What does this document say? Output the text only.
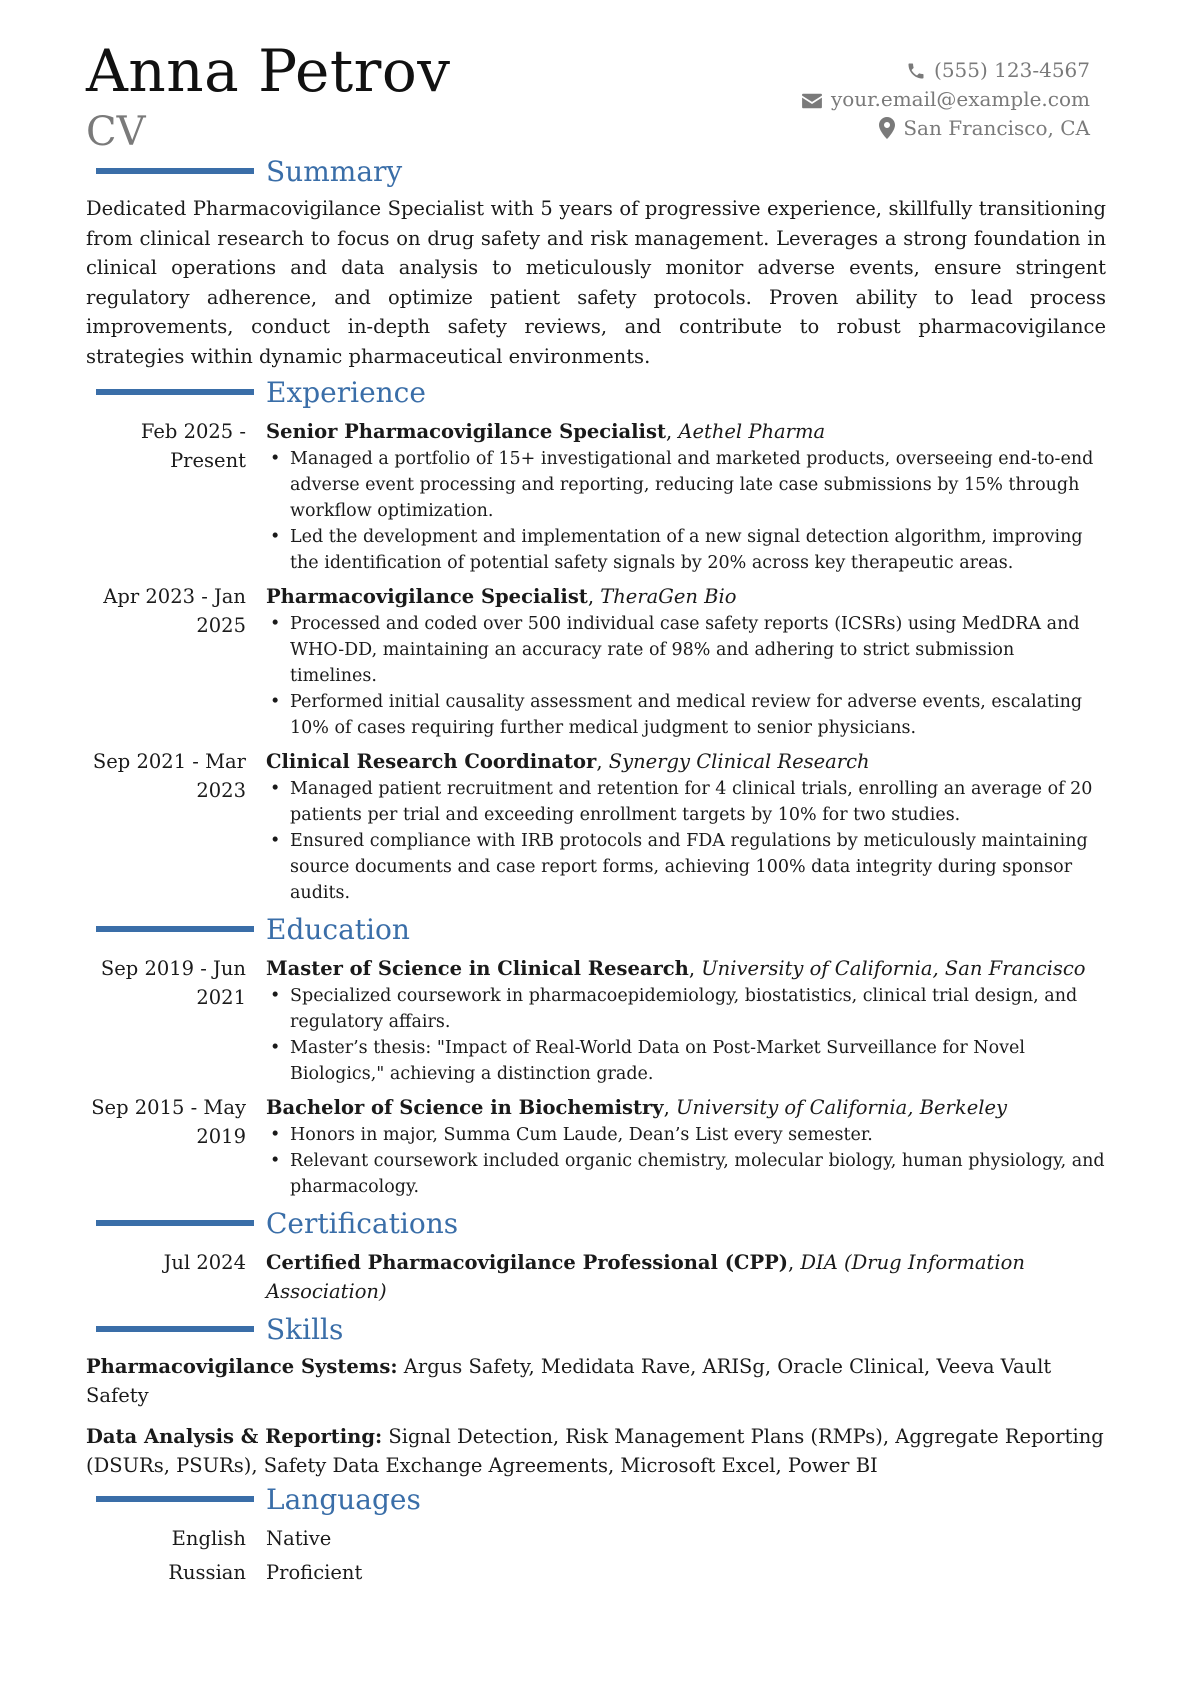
Anna Petrov
CV
(555) 123-4567
your.email@example.com
San Francisco, CA
Summary

Dedicated Pharmacovigilance Specialist with 5 years of progressive experience, skillfully transitioning from clinical research to focus on drug safety and risk management. Leverages a strong foundation in clinical operations and data analysis to meticulously monitor adverse events, ensure stringent regulatory adherence, and optimize patient safety protocols. Proven ability to lead process improvements, conduct in-depth safety reviews, and contribute to robust pharmacovigilance strategies within dynamic pharmaceutical environments.

Experience
Feb 2025 - Present
Senior Pharmacovigilance Specialist, Aethel Pharma
• Managed a portfolio of 15+ investigational and marketed products, overseeing end-to-end adverse event processing and reporting, reducing late case submissions by 15% through workflow optimization.
• Led the development and implementation of a new signal detection algorithm, improving the identification of potential safety signals by 20% across key therapeutic areas.
Apr 2023 - Jan 2025
Pharmacovigilance Specialist, TheraGen Bio
• Processed and coded over 500 individual case safety reports (ICSRs) using MedDRA and WHO-DD, maintaining an accuracy rate of 98% and adhering to strict submission timelines.
• Performed initial causality assessment and medical review for adverse events, escalating 10% of cases requiring further medical judgment to senior physicians.
Sep 2021 - Mar 2023
Clinical Research Coordinator, Synergy Clinical Research
• Managed patient recruitment and retention for 4 clinical trials, enrolling an average of 20 patients per trial and exceeding enrollment targets by 10% for two studies.
• Ensured compliance with IRB protocols and FDA regulations by meticulously maintaining source documents and case report forms, achieving 100% data integrity during sponsor audits.
Education
Sep 2019 - Jun 2021
Master of Science in Clinical Research, University of California, San Francisco
• Specialized coursework in pharmacoepidemiology, biostatistics, clinical trial design, and regulatory affairs.
• Master’s thesis: "Impact of Real-World Data on Post-Market Surveillance for Novel Biologics," achieving a distinction grade.
Sep 2015 - May 2019
Bachelor of Science in Biochemistry, University of California, Berkeley
• Honors in major, Summa Cum Laude, Dean’s List every semester.
• Relevant coursework included organic chemistry, molecular biology, human physiology, and pharmacology.
Certifications
Jul 2024	Certified Pharmacovigilance Professional (CPP), DIA (Drug Information Association)
Skills

Pharmacovigilance Systems: Argus Safety, Medidata Rave, ARISg, Oracle Clinical, Veeva Vault Safety

Data Analysis & Reporting: Signal Detection, Risk Management Plans (RMPs), Aggregate Reporting (DSURs, PSURs), Safety Data Exchange Agreements, Microsoft Excel, Power BI

Languages
English	Native
Russian	Proficient
